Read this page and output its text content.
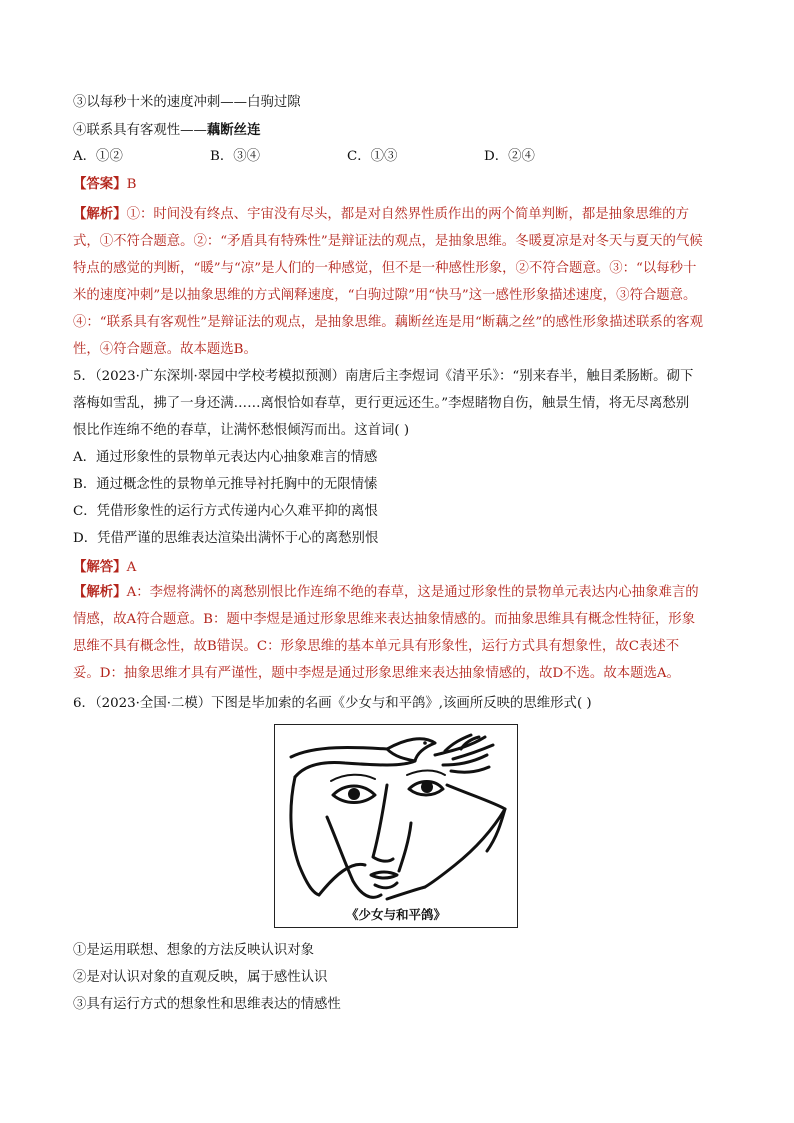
③以每秒十米的速度冲刺——白驹过隙
④联系具有客观性——藕断丝连
A．①②	B．③④	C．①③	D．②④
【答案】B
【解析】①：时间没有终点、宇宙没有尽头，都是对自然界性质作出的两个简单判断，都是抽象思维的方
式，①不符合题意。②：“矛盾具有特殊性”是辩证法的观点，是抽象思维。冬暖夏凉是对冬天与夏天的气候
特点的感觉的判断，“暖”与“凉”是人们的一种感觉，但不是一种感性形象，②不符合题意。③：“以每秒十
米的速度冲刺”是以抽象思维的方式阐释速度，“白驹过隙”用“快马”这一感性形象描述速度，③符合题意。
④：“联系具有客观性”是辩证法的观点，是抽象思维。藕断丝连是用“断藕之丝”的感性形象描述联系的客观
性，④符合题意。故本题选B。
5．（2023·广东深圳·翠园中学校考模拟预测）南唐后主李煜词《清平乐》：“别来春半，触目柔肠断。砌下
落梅如雪乱，拂了一身还满……离恨恰如春草，更行更远还生。”李煜睹物自伤，触景生情，将无尽离愁别
恨比作连绵不绝的春草，让满怀愁恨倾泻而出。这首词( )
A．通过形象性的景物单元表达内心抽象难言的情感
B．通过概念性的景物单元推导衬托胸中的无限情愫
C．凭借形象性的运行方式传递内心久难平抑的离恨
D．凭借严谨的思维表达渲染出满怀于心的离愁别恨
【解答】A
【解析】A：李煜将满怀的离愁别恨比作连绵不绝的春草，这是通过形象性的景物单元表达内心抽象难言的
情感，故A符合题意。B：题中李煜是通过形象思维来表达抽象情感的。而抽象思维具有概念性特征，形象
思维不具有概念性，故B错误。C：形象思维的基本单元具有形象性，运行方式具有想象性，故C表述不
妥。D：抽象思维才具有严谨性，题中李煜是通过形象思维来表达抽象情感的，故D不选。故本题选A。
6．（2023·全国·二模）下图是毕加索的名画《少女与和平鸽》,该画所反映的思维形式( )
《少女与和平鸽》
①是运用联想、想象的方法反映认识对象
②是对认识对象的直观反映，属于感性认识
③具有运行方式的想象性和思维表达的情感性
